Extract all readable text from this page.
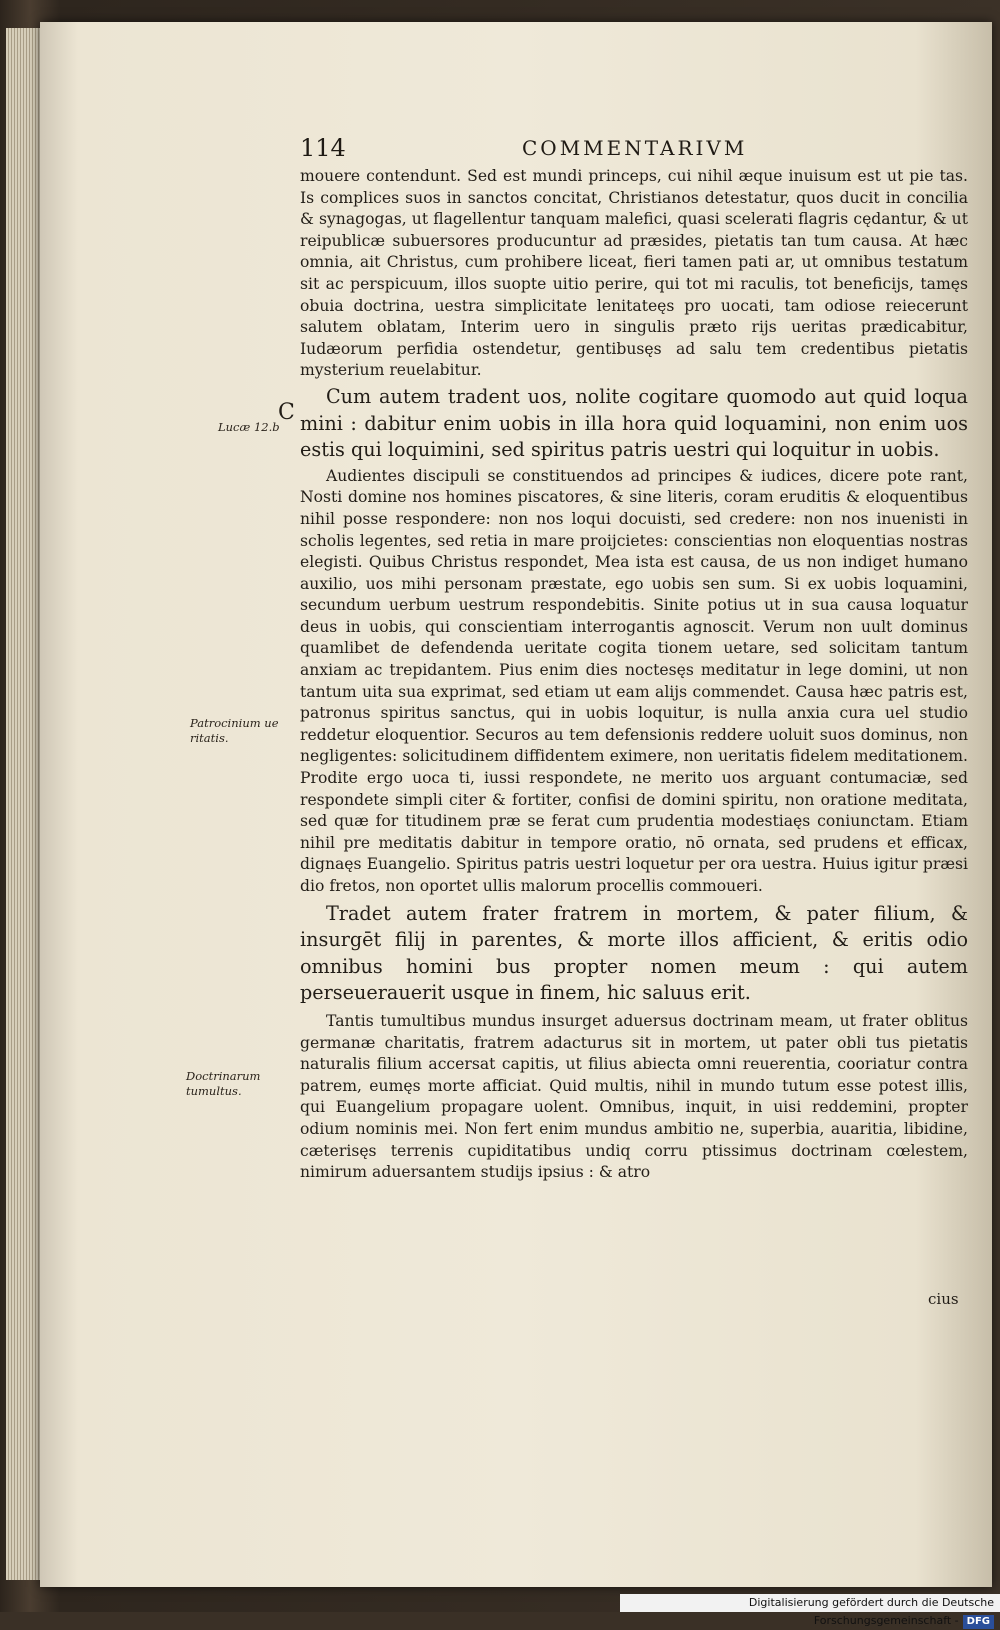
114	COMMENTARIVM
C
Lucæ 12.b
Patrocinium ue ritatis.
Doctrinarum tumultus.

mouere contendunt. Sed est mundi princeps, cui nihil æque inuisum est ut pie tas. Is complices suos in sanctos concitat, Christianos detestatur, quos ducit in concilia & synagogas, ut flagellentur tanquam malefici, quasi scelerati flagris cędantur, & ut reipublicæ subuersores producuntur ad præsides, pietatis tan tum causa. At hæc omnia, ait Christus, cum prohibere liceat, fieri tamen pati ar, ut omnibus testatum sit ac perspicuum, illos suopte uitio perire, qui tot mi raculis, tot beneficijs, tamęs obuia doctrina, uestra simplicitate lenitateęs pro uocati, tam odiose reiecerunt salutem oblatam, Interim uero in singulis præto rijs ueritas prædicabitur, Iudæorum perfidia ostendetur, gentibusęs ad salu tem credentibus pietatis mysterium reuelabitur.

Cum autem tradent uos, nolite cogitare quomodo aut quid loqua mini : dabitur enim uobis in illa hora quid loquamini, non enim uos estis qui loquimini, sed spiritus patris uestri qui loquitur in uobis.

Audientes discipuli se constituendos ad principes & iudices, dicere pote rant, Nosti domine nos homines piscatores, & sine literis, coram eruditis & eloquentibus nihil posse respondere: non nos loqui docuisti, sed credere: non nos inuenisti in scholis legentes, sed retia in mare proijcietes: conscientias non eloquentias nostras elegisti. Quibus Christus respondet, Mea ista est causa, de us non indiget humano auxilio, uos mihi personam præstate, ego uobis sen sum. Si ex uobis loquamini, secundum uerbum uestrum respondebitis. Sinite potius ut in sua causa loquatur deus in uobis, qui conscientiam interrogantis agnoscit. Verum non uult dominus quamlibet de defendenda ueritate cogita tionem uetare, sed solicitam tantum anxiam ac trepidantem. Pius enim dies noctesęs meditatur in lege domini, ut non tantum uita sua exprimat, sed etiam ut eam alijs commendet. Causa hæc patris est, patronus spiritus sanctus, qui in uobis loquitur, is nulla anxia cura uel studio reddetur eloquentior. Securos au tem defensionis reddere uoluit suos dominus, non negligentes: solicitudinem diffidentem eximere, non ueritatis fidelem meditationem. Prodite ergo uoca ti, iussi respondete, ne merito uos arguant contumaciæ, sed respondete simpli citer & fortiter, confisi de domini spiritu, non oratione meditata, sed quæ for titudinem præ se ferat cum prudentia modestiaęs coniunctam. Etiam nihil pre meditatis dabitur in tempore oratio, nō ornata, sed prudens et efficax, dignaęs Euangelio. Spiritus patris uestri loquetur per ora uestra. Huius igitur præsi dio fretos, non oportet ullis malorum procellis commoueri.

Tradet autem frater fratrem in mortem, & pater filium, & insurgēt filij in parentes, & morte illos afficient, & eritis odio omnibus homini bus propter nomen meum : qui autem perseuerauerit usque in finem, hic saluus erit.

Tantis tumultibus mundus insurget aduersus doctrinam meam, ut frater oblitus germanæ charitatis, fratrem adacturus sit in mortem, ut pater obli tus pietatis naturalis filium accersat capitis, ut filius abiecta omni reuerentia, cooriatur contra patrem, eumęs morte afficiat. Quid multis, nihil in mundo tutum esse potest illis, qui Euangelium propagare uolent. Omnibus, inquit, in uisi reddemini, propter odium nominis mei. Non fert enim mundus ambitio ne, superbia, auaritia, libidine, cæterisęs terrenis cupiditatibus undiq corru ptissimus doctrinam cœlestem, nimirum aduersantem studijs ipsius : & atro

cius
Digitalisierung gefördert durch die Deutsche Forschungsgemeinschaft - DFG
